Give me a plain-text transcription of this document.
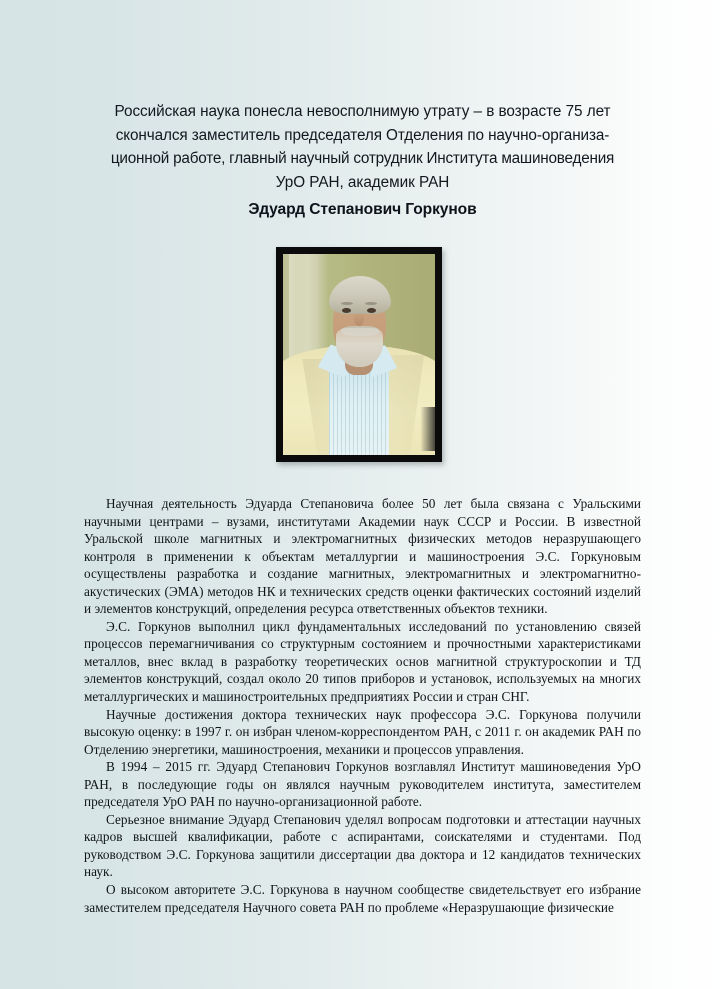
Российская наука понесла невосполнимую утрату – в возрасте 75 лет
скончался заместитель председателя Отделения по научно-организа-
ционной работе, главный научный сотрудник Института машиноведения
УрО РАН, академик РАН
Эдуард Степанович Горкунов

Научная деятельность Эдуарда Степановича более 50 лет была связана с Уральскими научными центрами – вузами, институтами Академии наук СССР и России. В известной Уральской школе магнитных и электромагнитных физических методов неразрушающего контроля в применении к объектам металлургии и машиностроения Э.С. Горкуновым осуществлены разработка и создание магнитных, электромагнитных и электромагнитно-акустических (ЭМА) методов НК и технических средств оценки фактических состояний изделий и элементов конструкций, определения ресурса ответственных объектов техники.

Э.С. Горкунов выполнил цикл фундаментальных исследований по установлению связей процессов перемагничивания со структурным состоянием и прочностными характеристиками металлов, внес вклад в разработку теоретических основ магнитной структуроскопии и ТД элементов конструкций, создал около 20 типов приборов и установок, используемых на многих металлургических и машиностроительных предприятиях России и стран СНГ.

Научные достижения доктора технических наук профессора Э.С. Горкунова получили высокую оценку: в 1997 г. он избран членом-корреспондентом РАН, с 2011 г. он академик РАН по Отделению энергетики, машиностроения, механики и процессов управления.

В 1994 – 2015 гг. Эдуард Степанович Горкунов возглавлял Институт машиноведения УрО РАН, в последующие годы он являлся научным руководителем института, заместителем председателя УрО РАН по научно-организационной работе.

Серьезное внимание Эдуард Степанович уделял вопросам подготовки и аттестации научных кадров высшей квалификации, работе с аспирантами, соискателями и студентами. Под руководством Э.С. Горкунова защитили диссертации два доктора и 12 кандидатов технических наук.

О высоком авторитете Э.С. Горкунова в научном сообществе свидетельствует его избрание заместителем председателя Научного совета РАН по проблеме «Неразрушающие физические
